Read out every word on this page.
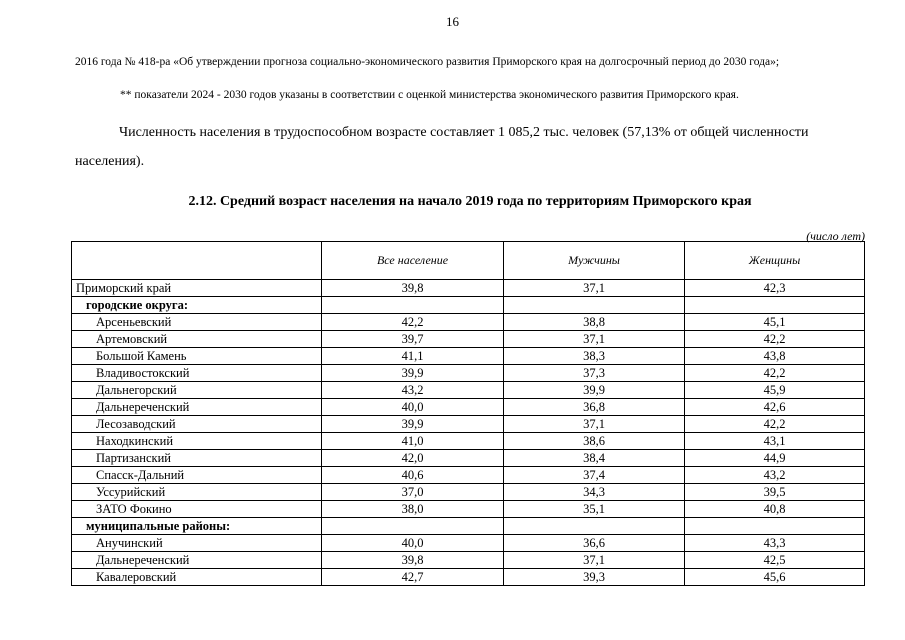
16
2016 года № 418-ра «Об утверждении прогноза социально-экономического развития Приморского края на долгосрочный период до 2030 года»;
** показатели 2024 - 2030 годов указаны в соответствии с оценкой министерства экономического развития Приморского края.
Численность населения в трудоспособном возрасте составляет 1 085,2 тыс. человек (57,13% от общей численности населения).
2.12. Средний возраст населения на начало 2019 года по территориям Приморского края
(число лет)
	Все население	Мужчины	Женщины
Приморский край	39,8	37,1	42,3
городские округа:			
Арсеньевский	42,2	38,8	45,1
Артемовский	39,7	37,1	42,2
Большой Камень	41,1	38,3	43,8
Владивостокский	39,9	37,3	42,2
Дальнегорский	43,2	39,9	45,9
Дальнереченский	40,0	36,8	42,6
Лесозаводский	39,9	37,1	42,2
Находкинский	41,0	38,6	43,1
Партизанский	42,0	38,4	44,9
Спасск-Дальний	40,6	37,4	43,2
Уссурийский	37,0	34,3	39,5
ЗАТО Фокино	38,0	35,1	40,8
муниципальные районы:			
Анучинский	40,0	36,6	43,3
Дальнереченский	39,8	37,1	42,5
Кавалеровский	42,7	39,3	45,6
